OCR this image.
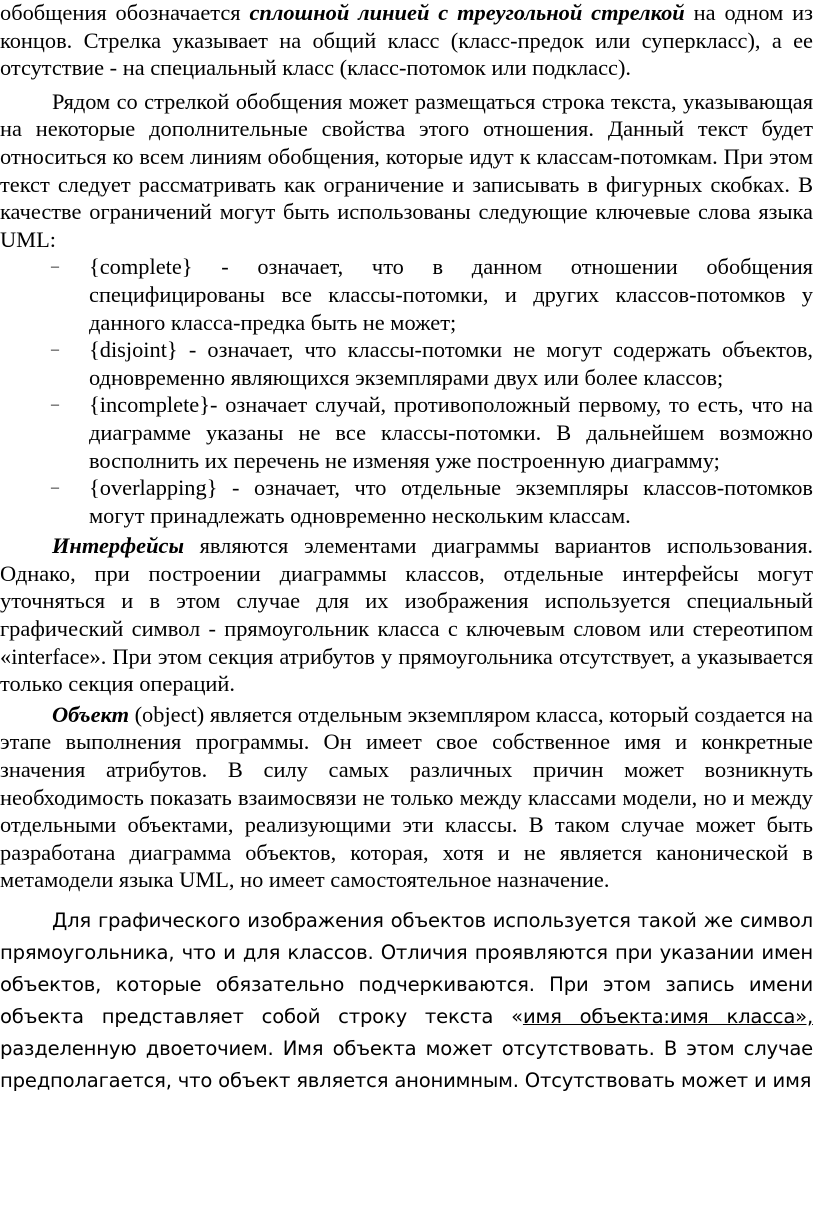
обобщения обозначается сплошной линией с треугольной стрелкой на одном из концов. Стрелка указывает на общий класс (класс-предок или суперкласс), а ее отсутствие - на специальный класс (класс-потомок или подкласс).

Рядом со стрелкой обобщения может размещаться строка текста, указывающая на некоторые дополнительные свойства этого отношения. Данный текст будет относиться ко всем линиям обобщения, которые идут к классам-потомкам. При этом текст следует рассматривать как ограничение и записывать в фигурных скобках. В качестве ограничений могут быть использованы следующие ключевые слова языка UML:

– {complete} - означает, что в данном отношении обобщения специфицированы все классы-потомки, и других классов-потомков у данного класса-предка быть не может;
– {disjoint} - означает, что классы-потомки не могут содержать объектов, одновременно являющихся экземплярами двух или более классов;
– {incomplete}- означает случай, противоположный первому, то есть, что на диаграмме указаны не все классы-потомки. В дальнейшем возможно восполнить их перечень не изменяя уже построенную диаграмму;
– {overlapping} - означает, что отдельные экземпляры классов-потомков могут принадлежать одновременно нескольким классам.

Интерфейсы являются элементами диаграммы вариантов использования. Однако, при построении диаграммы классов, отдельные интерфейсы могут уточняться и в этом случае для их изображения используется специальный графический символ - прямоугольник класса с ключевым словом или стереотипом «interface». При этом секция атрибутов у прямоугольника отсутствует, а указывается только секция операций.

Объект (object) является отдельным экземпляром класса, который создается на этапе выполнения программы. Он имеет свое собственное имя и конкретные значения атрибутов. В силу самых различных причин может возникнуть необходимость показать взаимосвязи не только между классами модели, но и между отдельными объектами, реализующими эти классы. В таком случае может быть разработана диаграмма объектов, которая, хотя и не является канонической в метамодели языка UML, но имеет самостоятельное назначение.

Для графического изображения объектов используется такой же символ прямоугольника, что и для классов. Отличия проявляются при указании имен объектов, которые обязательно подчеркиваются. При этом запись имени объекта представляет собой строку текста «имя объекта:имя класса», разделенную двоеточием. Имя объекта может отсутствовать. В этом случае предполагается, что объект является анонимным. Отсутствовать может и имя
